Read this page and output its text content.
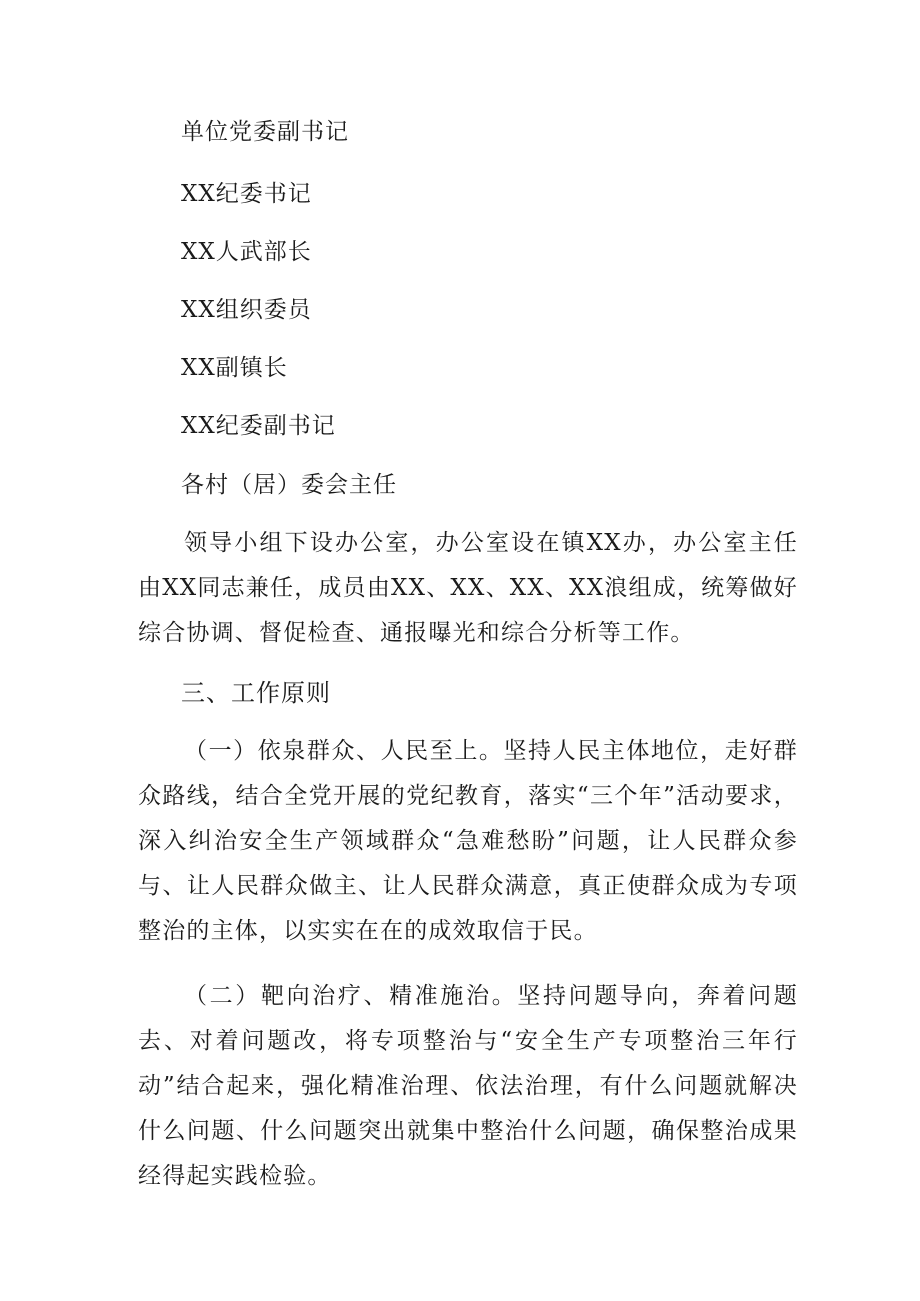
单位党委副书记
XX纪委书记
XX人武部长
XX组织委员
XX副镇长
XX纪委副书记
各村（居）委会主任

领导小组下设办公室，办公室设在镇XX办，办公室主任由XX同志兼任，成员由XX、XX、XX、XX浪组成，统筹做好综合协调、督促检查、通报曝光和综合分析等工作。

三、工作原则

（一）依泉群众、人民至上。坚持人民主体地位，走好群众路线，结合全党开展的党纪教育，落实“三个年”活动要求，深入纠治安全生产领域群众“急难愁盼”问题，让人民群众参与、让人民群众做主、让人民群众满意，真正使群众成为专项整治的主体，以实实在在的成效取信于民。

（二）靶向治疗、精准施治。坚持问题导向，奔着问题去、对着问题改，将专项整治与“安全生产专项整治三年行动”结合起来，强化精准治理、依法治理，有什么问题就解决什么问题、什么问题突出就集中整治什么问题，确保整治成果经得起实践检验。
